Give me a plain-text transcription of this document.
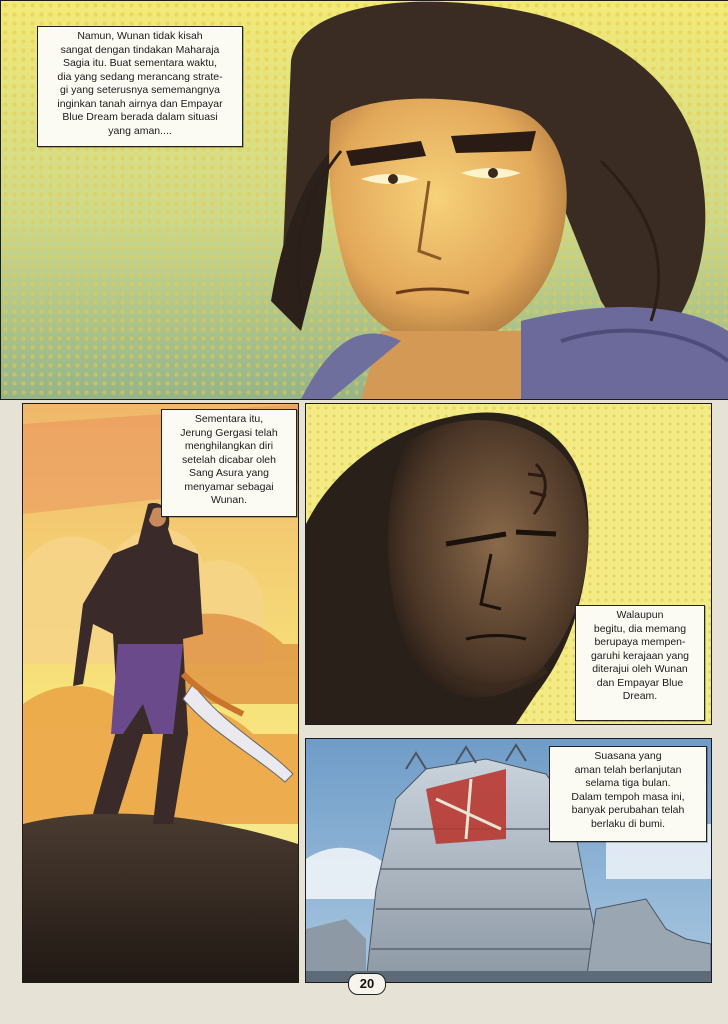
Namun, Wunan tidak kisah
sangat dengan tindakan Maharaja
Sagia itu. Buat sementara waktu,
dia yang sedang merancang strate-
gi yang seterusnya sememangnya
inginkan tanah airnya dan Empayar
Blue Dream berada dalam situasi
yang aman....
Sementara itu,
Jerung Gergasi telah
menghilangkan diri
setelah dicabar oleh
Sang Asura yang
menyamar sebagai
Wunan.
Walaupun
begitu, dia memang
berupaya mempen-
garuhi kerajaan yang
diterajui oleh Wunan
dan Empayar Blue
Dream.
Suasana yang
aman telah berlanjutan
selama tiga bulan.
Dalam tempoh masa ini,
banyak perubahan telah
berlaku di bumi.
20
